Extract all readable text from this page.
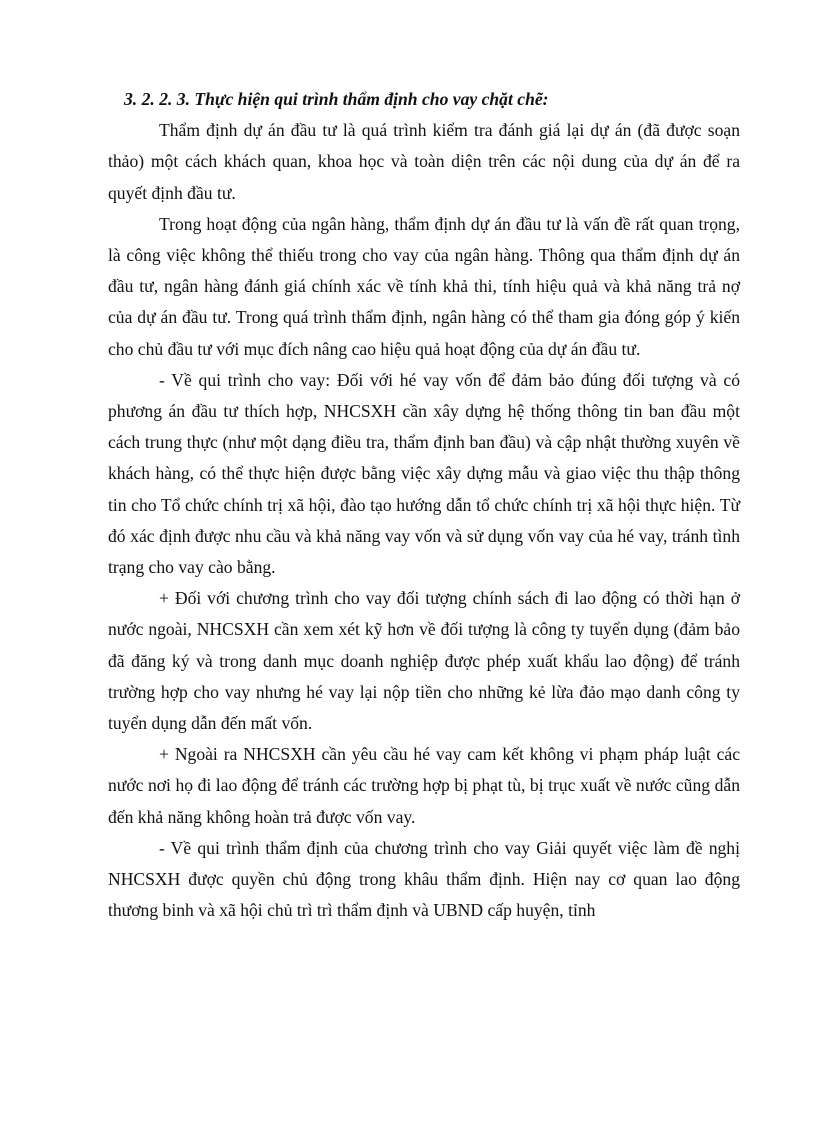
3. 2. 2. 3. Thực hiện qui trình thẩm định cho vay chặt chẽ:

Thẩm định dự án đầu tư là quá trình kiểm tra đánh giá lại dự án (đã được soạn thảo) một cách khách quan, khoa học và toàn diện trên các nội dung của dự án để ra quyết định đầu tư.

Trong hoạt động của ngân hàng, thẩm định dự án đầu tư là vấn đề rất quan trọng, là công việc không thể thiếu trong cho vay của ngân hàng. Thông qua thẩm định dự án đầu tư, ngân hàng đánh giá chính xác về tính khả thi, tính hiệu quả và khả năng trả nợ của dự án đầu tư. Trong quá trình thẩm định, ngân hàng có thể tham gia đóng góp ý kiến cho chủ đầu tư với mục đích nâng cao hiệu quả hoạt động của dự án đầu tư.

- Về qui trình cho vay: Đối với hé vay vốn để đảm bảo đúng đối tượng và có phương án đầu tư thích hợp, NHCSXH cần xây dựng hệ thống thông tin ban đầu một cách trung thực (như một dạng điều tra, thẩm định ban đầu) và cập nhật thường xuyên về khách hàng, có thể thực hiện được bằng việc xây dựng mẫu và giao việc thu thập thông tin cho Tổ chức chính trị xã hội, đào tạo hướng dẫn tổ chức chính trị xã hội thực hiện. Từ đó xác định được nhu cầu và khả năng vay vốn và sử dụng vốn vay của hé vay, tránh tình trạng cho vay cào bằng.

+ Đối với chương trình cho vay đối tượng chính sách đi lao động có thời hạn ở nước ngoài, NHCSXH cần xem xét kỹ hơn về đối tượng là công ty tuyển dụng (đảm bảo đã đăng ký và trong danh mục doanh nghiệp được phép xuất khẩu lao động) để tránh trường hợp cho vay nhưng hé vay lại nộp tiền cho những kẻ lừa đảo mạo danh công ty tuyển dụng dẫn đến mất vốn.

+ Ngoài ra NHCSXH cần yêu cầu hé vay cam kết không vi phạm pháp luật các nước nơi họ đi lao động để tránh các trường hợp bị phạt tù, bị trục xuất về nước cũng dẫn đến khả năng không hoàn trả được vốn vay.

- Về qui trình thẩm định của chương trình cho vay Giải quyết việc làm đề nghị NHCSXH được quyền chủ động trong khâu thẩm định. Hiện nay cơ quan lao động thương binh và xã hội chủ trì trì thẩm định và UBND cấp huyện, tỉnh
